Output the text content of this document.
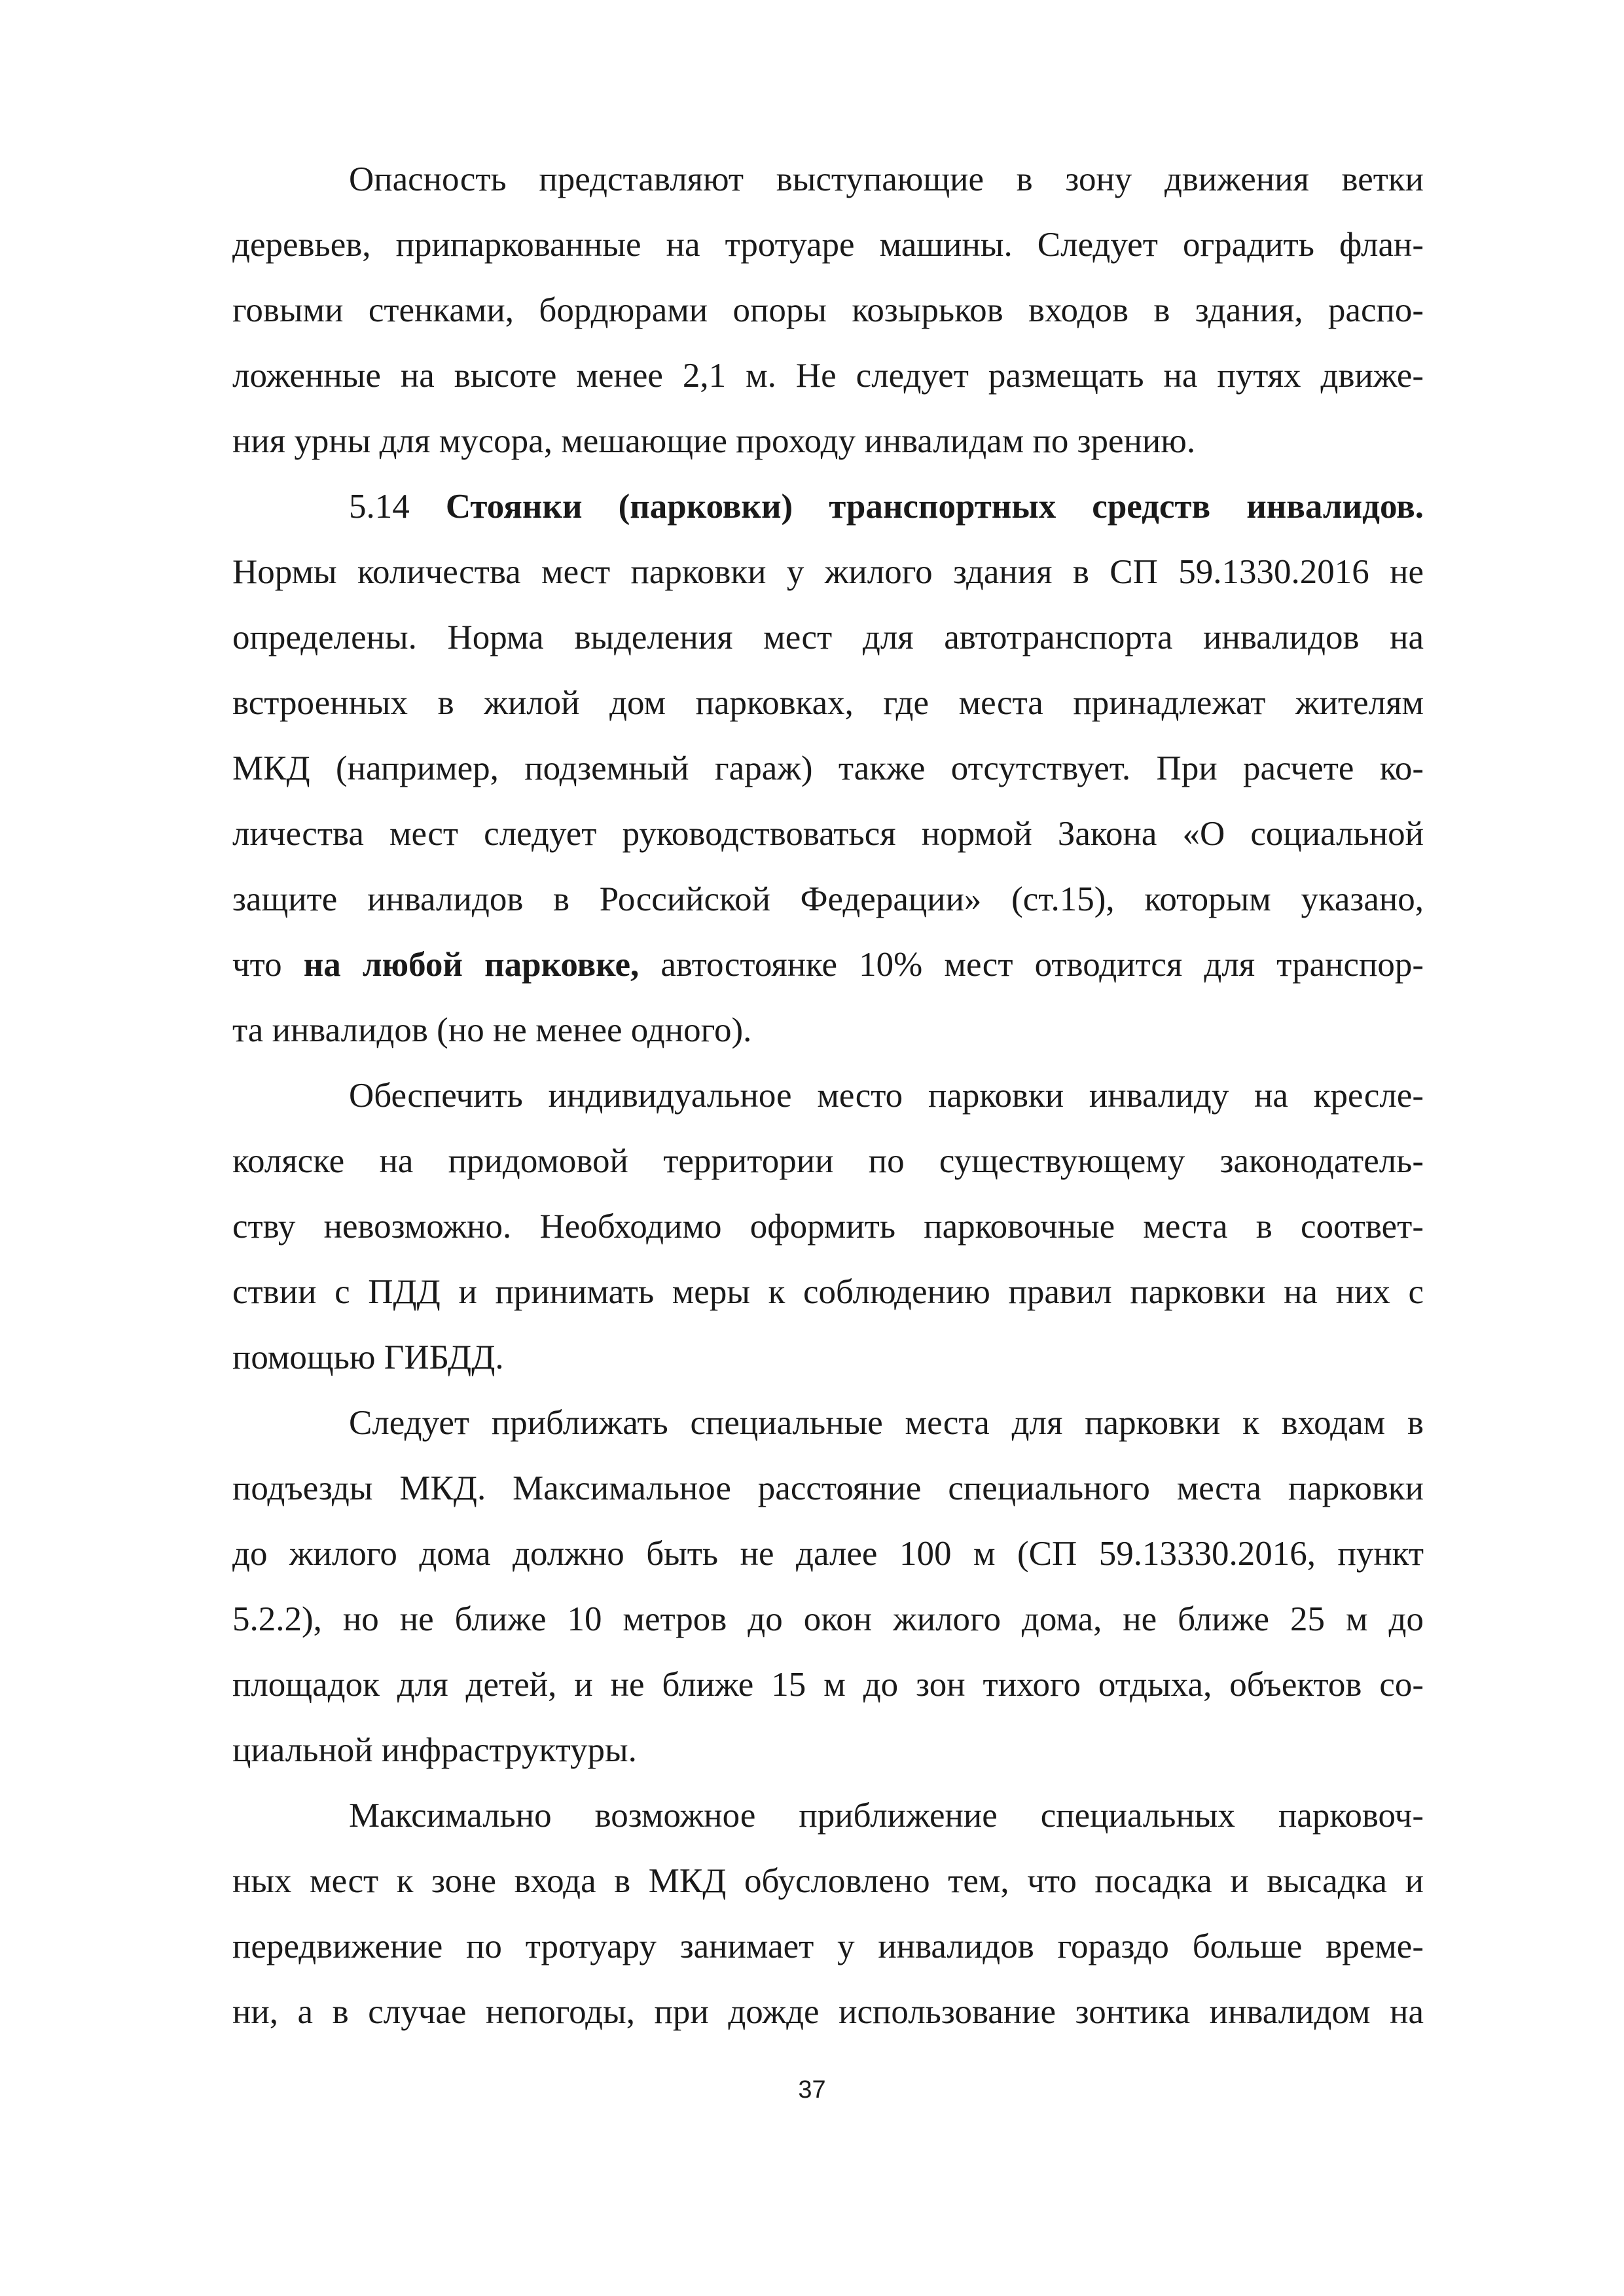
Опасность представляют выступающие в зону движения ветки
деревьев, припаркованные на тротуаре машины. Следует оградить флан-
говыми стенками, бордюрами опоры козырьков входов в здания, распо-
ложенные на высоте менее 2,1 м. Не следует размещать на путях движе-
ния урны для мусора, мешающие проходу инвалидам по зрению.
5.14 Стоянки (парковки) транспортных средств инвалидов.
Нормы количества мест парковки у жилого здания в СП 59.1330.2016 не
определены. Норма выделения мест для автотранспорта инвалидов на
встроенных в жилой дом парковках, где места принадлежат жителям
МКД (например, подземный гараж) также отсутствует. При расчете ко-
личества мест следует руководствоваться нормой Закона «О социальной
защите инвалидов в Российской Федерации» (ст.15), которым указано,
что на любой парковке, автостоянке 10% мест отводится для транспор-
та инвалидов (но не менее одного).
Обеспечить индивидуальное место парковки инвалиду на кресле-
коляске на придомовой территории по существующему законодатель-
ству невозможно. Необходимо оформить парковочные места в соответ-
ствии с ПДД и принимать меры к соблюдению правил парковки на них с
помощью ГИБДД.
Следует приближать специальные места для парковки к входам в
подъезды МКД. Максимальное расстояние специального места парковки
до жилого дома должно быть не далее 100 м (СП 59.13330.2016, пункт
5.2.2), но не ближе 10 метров до окон жилого дома, не ближе 25 м до
площадок для детей, и не ближе 15 м до зон тихого отдыха, объектов со-
циальной инфраструктуры.
Максимально возможное приближение специальных парковоч-
ных мест к зоне входа в МКД обусловлено тем, что посадка и высадка и
передвижение по тротуару занимает у инвалидов гораздо больше време-
ни, а в случае непогоды, при дожде использование зонтика инвалидом на
37
